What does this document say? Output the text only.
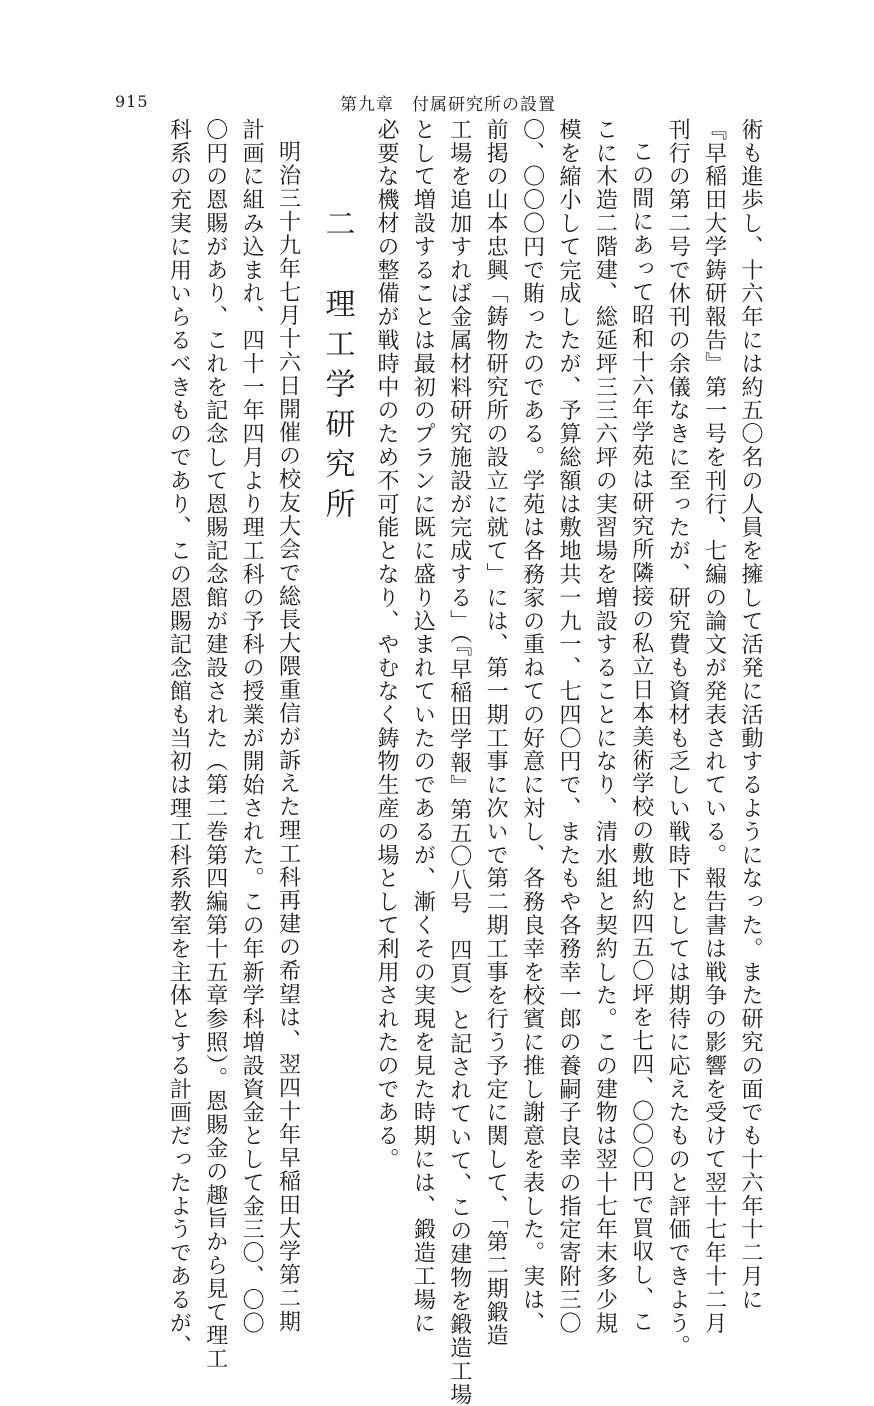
915	第九章　付属研究所の設置

術も進歩し、十六年には約五〇名の人員を擁して活発に活動するようになった。また研究の面でも十六年十二月に
『早稲田大学鋳研報告』第一号を刊行、七編の論文が発表されている。報告書は戦争の影響を受けて翌十七年十二月
刊行の第二号で休刊の余儀なきに至ったが、研究費も資材も乏しい戦時下としては期待に応えたものと評価できよう。

この間にあって昭和十六年学苑は研究所隣接の私立日本美術学校の敷地約四五〇坪を七四、〇〇〇円で買収し、こ
こに木造二階建、総延坪三三六坪の実習場を増設することになり、清水組と契約した。この建物は翌十七年末多少規
模を縮小して完成したが、予算総額は敷地共一九一、七四〇円で、またもや各務幸一郎の養嗣子良幸の指定寄附三〇
〇、〇〇〇円で賄ったのである。学苑は各務家の重ねての好意に対し、各務良幸を校賓に推し謝意を表した。実は、
前掲の山本忠興「鋳物研究所の設立に就て」には、第一期工事に次いで第二期工事を行う予定に関して、「第二期鍛造
工場を追加すれば金属材料研究施設が完成する」（『早稲田学報』第五〇八号　四頁）と記されていて、この建物を鍛造工場
として増設することは最初のプランに既に盛り込まれていたのであるが、漸くその実現を見た時期には、鍛造工場に
必要な機材の整備が戦時中のため不可能となり、やむなく鋳物生産の場として利用されたのである。

二　理工学研究所

明治三十九年七月十六日開催の校友大会で総長大隈重信が訴えた理工科再建の希望は、翌四十年早稲田大学第二期
計画に組み込まれ、四十一年四月より理工科の予科の授業が開始された。この年新学科増設資金として金三〇、〇〇
〇円の恩賜があり、これを記念して恩賜記念館が建設された（第二巻第四編第十五章参照）。恩賜金の趣旨から見て理工
科系の充実に用いらるべきものであり、この恩賜記念館も当初は理工科系教室を主体とする計画だったようであるが、
